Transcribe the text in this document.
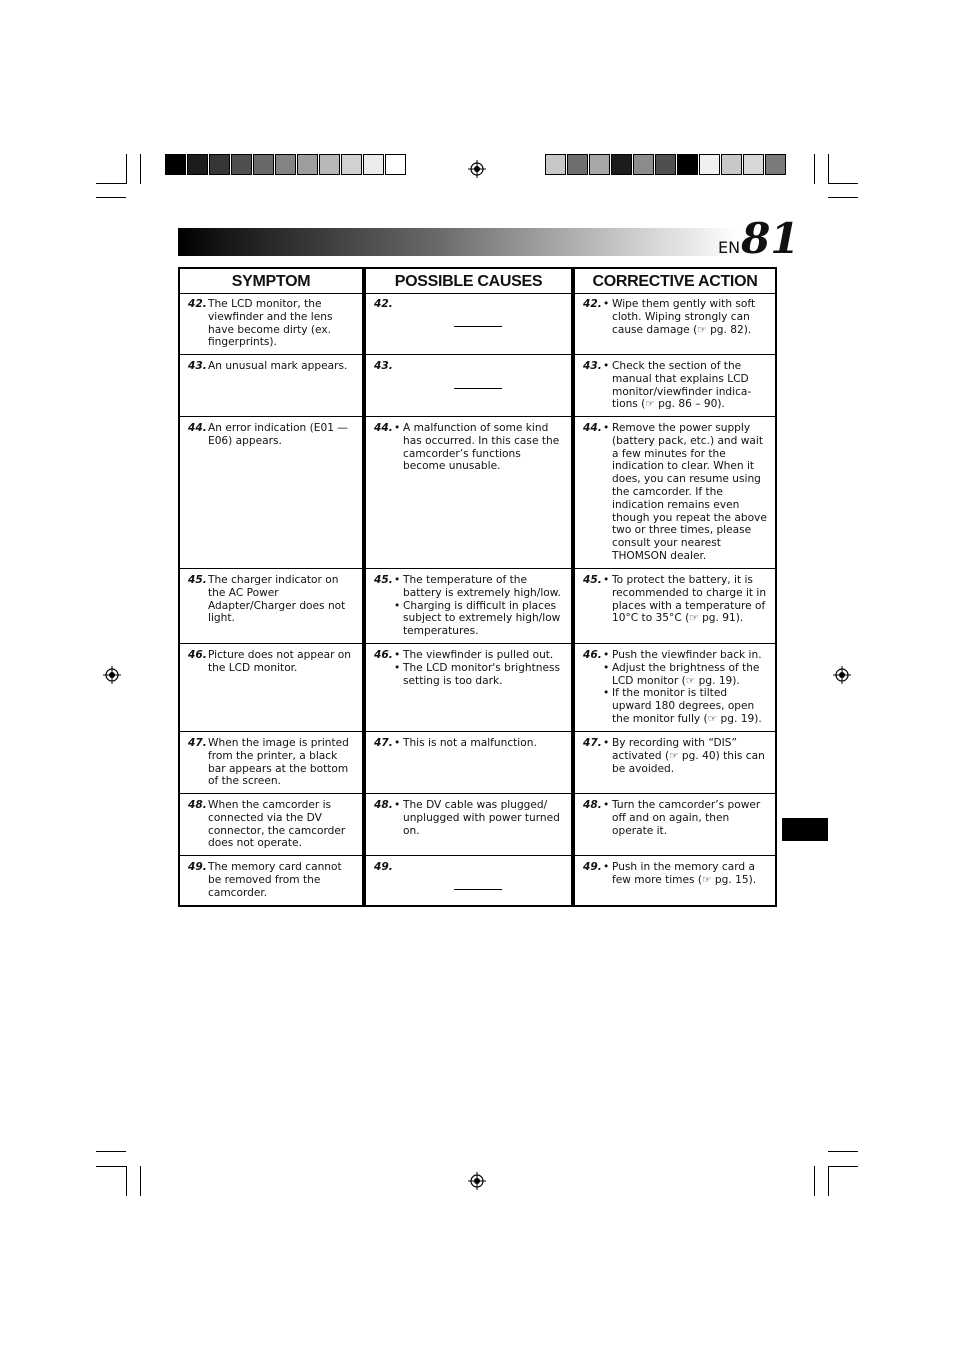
EN 81
SYMPTOM
42. The LCD monitor, the viewfinder and the lens have become dirty (ex. fingerprints).
43. An unusual mark appears.
44. An error indication (E01 — E06) appears.
45. The charger indicator on the AC Power Adapter/Charger does not light.
46. Picture does not appear on the LCD monitor.
47. When the image is printed from the printer, a black bar appears at the bottom of the screen.
48. When the camcorder is connected via the DV connector, the camcorder does not operate.
49. The memory card cannot be removed from the camcorder.
POSSIBLE CAUSES
42.
43.
44. • A malfunction of some kind has occurred. In this case the camcorder’s functions become unusable.
45. • The temperature of the battery is extremely high/low.
• Charging is difficult in places subject to extremely high/low temperatures.
46. • The viewfinder is pulled out.
• The LCD monitor's brightness setting is too dark.
47. • This is not a malfunction.
48. • The DV cable was plugged/ unplugged with power turned on.
49.
CORRECTIVE ACTION
42. • Wipe them gently with soft cloth. Wiping strongly can cause damage (☞ pg. 82).
43. • Check the section of the manual that explains LCD monitor/viewfinder indica-tions (☞ pg. 86 – 90).
44. • Remove the power supply (battery pack, etc.) and wait a few minutes for the indication to clear. When it does, you can resume using the camcorder. If the indication remains even though you repeat the above two or three times, please consult your nearest THOMSON dealer.
45. • To protect the battery, it is recommended to charge it in places with a temperature of 10°C to 35°C (☞ pg. 91).
46. • Push the viewfinder back in.
• Adjust the brightness of the LCD monitor (☞ pg. 19).
• If the monitor is tilted upward 180 degrees, open the monitor fully (☞ pg. 19).
47. • By recording with “DIS” activated (☞ pg. 40) this can be avoided.
48. • Turn the camcorder’s power off and on again, then operate it.
49. • Push in the memory card a few more times (☞ pg. 15).
